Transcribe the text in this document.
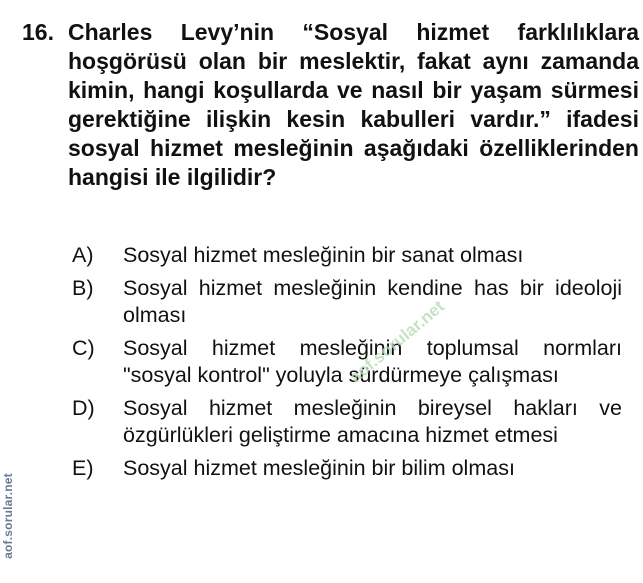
16. Charles Levy’nin “Sosyal hizmet farklılıklara hoşgörüsü olan bir meslektir, fakat aynı zamanda kimin, hangi koşullarda ve nasıl bir yaşam sürmesi gerektiğine ilişkin kesin kabulleri vardır.” ifadesi sosyal hizmet mesleğinin aşağıdaki özelliklerinden hangisi ile ilgilidir?

A)	Sosyal hizmet mesleğinin bir sanat olması
B)	Sosyal hizmet mesleğinin kendine has bir ideoloji olması
C)	Sosyal hizmet mesleğinin toplumsal normları "sosyal kontrol" yoluyla sürdürmeye çalışması
D)	Sosyal hizmet mesleğinin bireysel hakları ve özgürlükleri geliştirme amacına hizmet etmesi
E)	Sosyal hizmet mesleğinin bir bilim olması
aof.sorular.net
aof.sorular.net
